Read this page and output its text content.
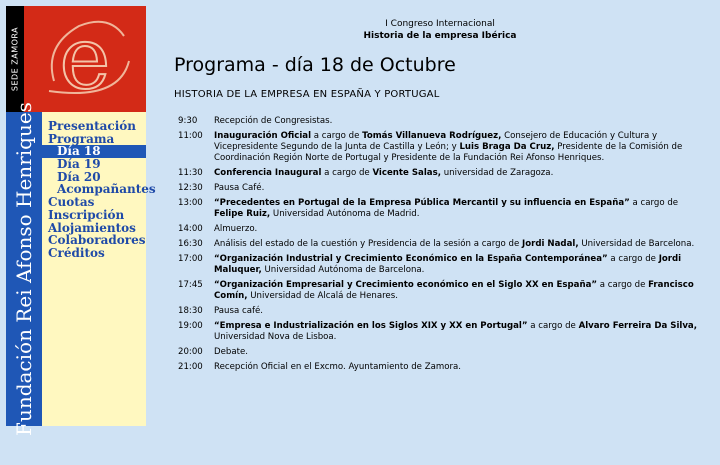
SEDE ZAMORA e
Fundación Rei Afonso Henriques	Presentación
Programa
Día 18
Día 19
Día 20
Acompañantes
Cuotas
Inscripción
Alojamientos
Colaboradores
Créditos
I Congreso Internacional
Historia de la empresa Ibérica
Programa - día 18 de Octubre
HISTORIA DE LA EMPRESA EN ESPAÑA Y PORTUGAL
9:30	Recepción de Congresistas.
11:00	Inauguración Oficial a cargo de Tomás Villanueva Rodríguez, Consejero de Educación y Cultura y Vicepresidente Segundo de la Junta de Castilla y León; y Luis Braga Da Cruz, Presidente de la Comisión de Coordinación Región Norte de Portugal y Presidente de la Fundación Rei Afonso Henriques.
11:30	Conferencia Inaugural a cargo de Vicente Salas, universidad de Zaragoza.
12:30	Pausa Café.
13:00	“Precedentes en Portugal de la Empresa Pública Mercantil y su influencia en España” a cargo de Felipe Ruiz, Universidad Autónoma de Madrid.
14:00	Almuerzo.
16:30	Análisis del estado de la cuestión y Presidencia de la sesión a cargo de Jordi Nadal, Universidad de Barcelona.
17:00	“Organización Industrial y Crecimiento Económico en la España Contemporánea” a cargo de Jordi Maluquer, Universidad Autónoma de Barcelona.
17:45	“Organización Empresarial y Crecimiento económico en el Siglo XX en España” a cargo de Francisco Comín, Universidad de Alcalá de Henares.
18:30	Pausa café.
19:00	“Empresa e Industrialización en los Siglos XIX y XX en Portugal” a cargo de Alvaro Ferreira Da Silva, Universidad Nova de Lisboa.
20:00	Debate.
21:00	Recepción Oficial en el Excmo. Ayuntamiento de Zamora.
